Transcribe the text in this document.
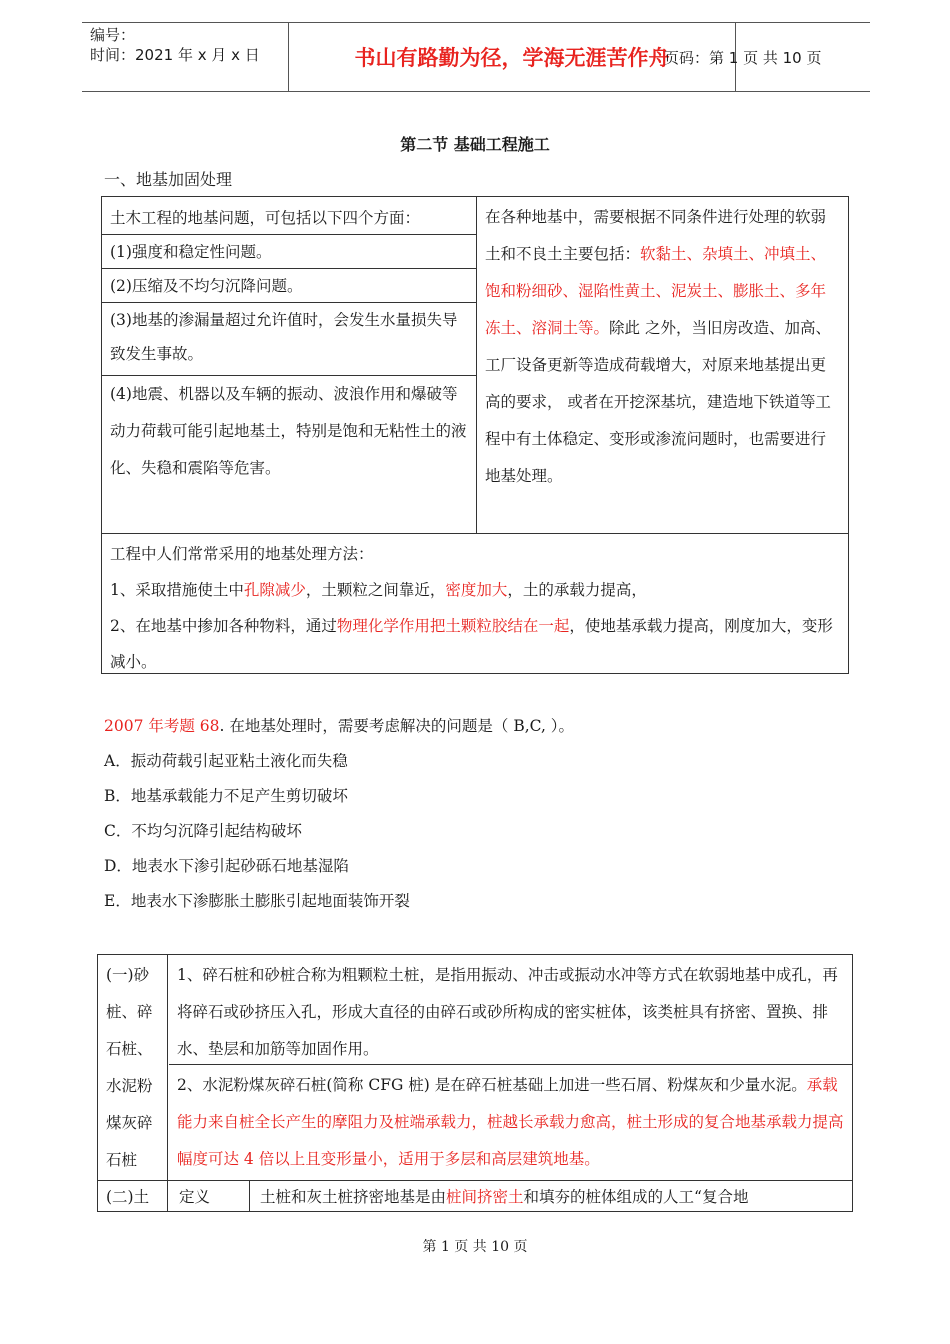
编号：
时间：2021 年 x 月 x 日	书山有路勤为径，学海无涯苦作舟
页码：第 1 页 共 10 页
第二节 基础工程施工
一、地基加固处理
土木工程的地基问题，可包括以下四个方面：
(1)强度和稳定性问题。
(2)压缩及不均匀沉降问题。
(3)地基的渗漏量超过允许值时，会发生水量损失导致发生事故。
(4)地震、机器以及车辆的振动、波浪作用和爆破等动力荷载可能引起地基土，特别是饱和无粘性土的液化、失稳和震陷等危害。
在各种地基中，需要根据不同条件进行处理的软弱土和不良土主要包括：软黏土、杂填土、冲填土、饱和粉细砂、湿陷性黄土、泥炭土、膨胀土、多年冻土、溶洞土等。除此 之外，当旧房改造、加高、工厂设备更新等造成荷载增大，对原来地基提出更高的要求， 或者在开挖深基坑，建造地下铁道等工程中有土体稳定、变形或渗流问题时，也需要进行地基处理。
工程中人们常常采用的地基处理方法：
1、采取措施使土中孔隙减少，土颗粒之间靠近，密度加大，土的承载力提高，
2、在地基中掺加各种物料，通过物理化学作用把土颗粒胶结在一起，使地基承载力提高，刚度加大，变形减小。
2007 年考题 68. 在地基处理时，需要考虑解决的问题是（ B,C, ）。
A．振动荷载引起亚粘土液化而失稳
B．地基承载能力不足产生剪切破坏
C．不均匀沉降引起结构破坏
D．地表水下渗引起砂砾石地基湿陷
E．地表水下渗膨胀土膨胀引起地面装饰开裂
(一)砂桩、碎石桩、水泥粉煤灰碎石桩
1、碎石桩和砂桩合称为粗颗粒土桩，是指用振动、冲击或振动水冲等方式在软弱地基中成孔，再将碎石或砂挤压入孔，形成大直径的由碎石或砂所构成的密实桩体，该类桩具有挤密、置换、排水、垫层和加筋等加固作用。
2、水泥粉煤灰碎石桩(简称 CFG 桩) 是在碎石桩基础上加进一些石屑、粉煤灰和少量水泥。承载能力来自桩全长产生的摩阻力及桩端承载力，桩越长承载力愈高，桩土形成的复合地基承载力提高幅度可达 4 倍以上且变形量小，适用于多层和高层建筑地基。
(二)土	定义	土桩和灰土桩挤密地基是由桩间挤密土和填夯的桩体组成的人工“复合地
第 1 页 共 10 页
